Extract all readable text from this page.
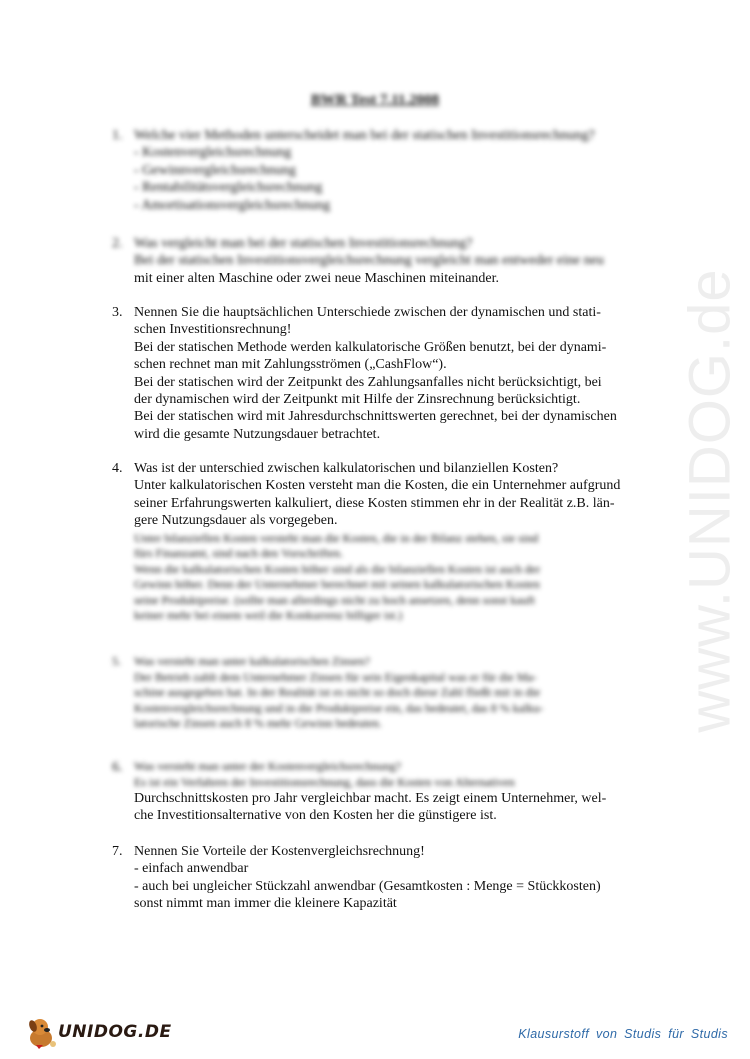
www.UNIDOG.de
BWR Test 7.11.2008
1. Welche vier Methoden unterscheidet man bei der statischen Investitionsrechnung?
- Kostenvergleichsrechnung
- Gewinnvergleichsrechnung
- Rentabilitätsvergleichsrechnung
- Amortisationsvergleichsrechnung
2. Was vergleicht man bei der statischen Investitionsrechnung?
Bei der statischen Investitionsvergleichsrechnung vergleicht man entweder eine neu
mit einer alten Maschine oder zwei neue Maschinen miteinander.
3. Nennen Sie die hauptsächlichen Unterschiede zwischen der dynamischen und stati-
schen Investitionsrechnung!
Bei der statischen Methode werden kalkulatorische Größen benutzt, bei der dynami-
schen rechnet man mit Zahlungsströmen („CashFlow“).
Bei der statischen wird der Zeitpunkt des Zahlungsanfalles nicht berücksichtigt, bei
der dynamischen wird der Zeitpunkt mit Hilfe der Zinsrechnung berücksichtigt.
Bei der statischen wird mit Jahresdurchschnittswerten gerechnet, bei der dynamischen
wird die gesamte Nutzungsdauer betrachtet.
4. Was ist der unterschied zwischen kalkulatorischen und bilanziellen Kosten?
Unter kalkulatorischen Kosten versteht man die Kosten, die ein Unternehmer aufgrund
seiner Erfahrungswerten kalkuliert, diese Kosten stimmen ehr in der Realität z.B. län-
gere Nutzungsdauer als vorgegeben.
Unter bilanziellen Kosten versteht man die Kosten, die in der Bilanz stehen, sie sind
fürs Finanzamt, sind nach den Vorschriften.
Wenn die kalkulatorischen Kosten höher sind als die bilanziellen Kosten ist auch der
Gewinn höher. Denn der Unternehmer berechnet mit seinen kalkulatorischen Kosten
seine Produktpreise. (sollte man allerdings nicht zu hoch ansetzen, denn sonst kauft
keiner mehr bei einem weil die Konkurrenz billiger ist.)
5. Was versteht man unter kalkulatorischen Zinsen?
Der Betrieb zahlt dem Unternehmer Zinsen für sein Eigenkapital was er für die Ma-
schine ausgegeben hat. In der Realität ist es nicht so doch diese Zahl fließt mit in die
Kostenvergleichsrechnung und in die Produktpreise ein, das bedeutet, das 8 % kalku-
latorische Zinsen auch 8 % mehr Gewinn bedeuten.
6. Was versteht man unter der Kostenvergleichsrechnung?
Es ist ein Verfahren der Investitionsrechnung, dass die Kosten von Alternativen
Durchschnittskosten pro Jahr vergleichbar macht. Es zeigt einem Unternehmer, wel-
che Investitionsalternative von den Kosten her die günstigere ist.
7. Nennen Sie Vorteile der Kostenvergleichsrechnung!
- einfach anwendbar
- auch bei ungleicher Stückzahl anwendbar (Gesamtkosten : Menge = Stückkosten)
sonst nimmt man immer die kleinere Kapazität
UNIDOG.DE	Klausurstoff von Studis für Studis
